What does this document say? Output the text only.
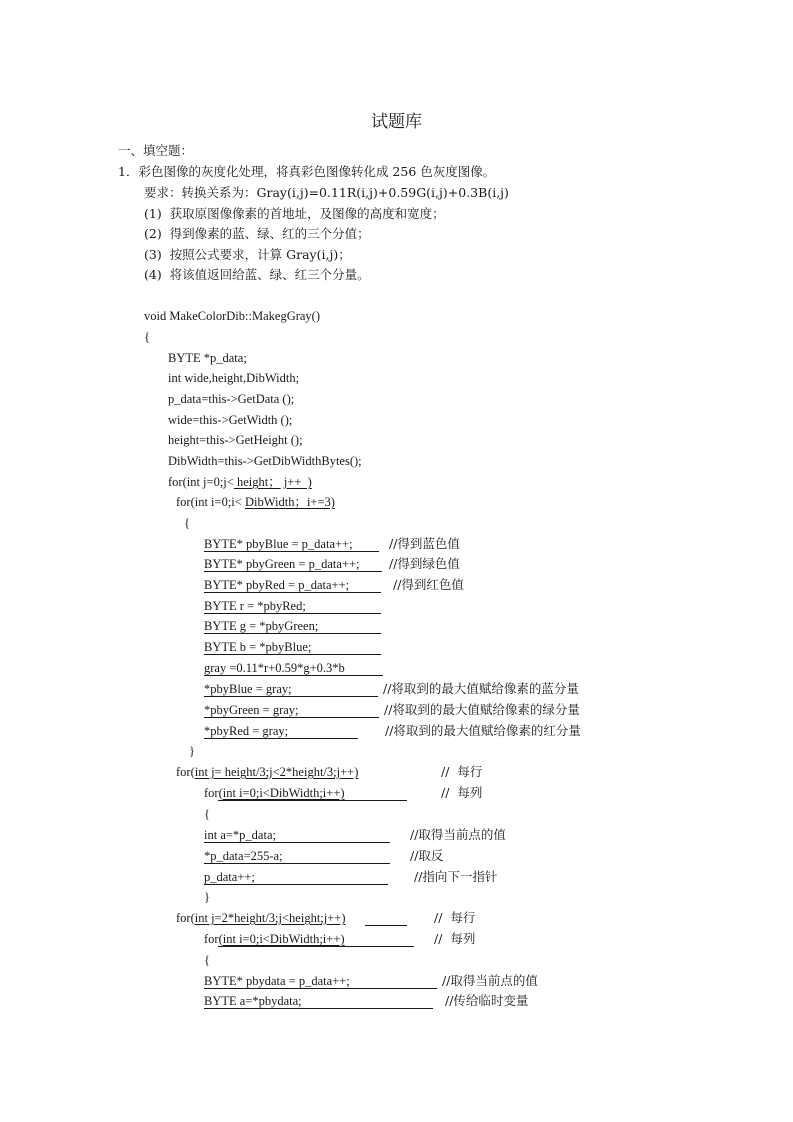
试题库
一、填空题：
1．彩色图像的灰度化处理，将真彩色图像转化成 256 色灰度图像。
要求：转换关系为：Gray(i,j)=0.11R(i,j)+0.59G(i,j)+0.3B(i,j)
(1)  获取原图像像素的首地址，及图像的高度和宽度；
(2)  得到像素的蓝、绿、红的三个分值；
(3)  按照公式要求，计算 Gray(i,j)；
(4)  将该值返回给蓝、绿、红三个分量。
void MakeColorDib::MakegGray()
{
BYTE *p_data;
int wide,height,DibWidth;
p_data=this->GetData ();
wide=this->GetWidth ();
height=this->GetHeight ();
DibWidth=this->GetDibWidthBytes();
for(int j=0;j< height； j++  )
for(int i=0;i< DibWidth；i+=3)
{
BYTE* pbyBlue = p_data++;	//得到蓝色值
BYTE* pbyGreen = p_data++; //得到绿色值
BYTE* pbyRed = p_data++;	//得到红色值
BYTE r = *pbyRed;
BYTE g = *pbyGreen;
BYTE b = *pbyBlue;
gray =0.11*r+0.59*g+0.3*b
*pbyBlue = gray;	//将取到的最大值赋给像素的蓝分量
*pbyGreen = gray;	//将取到的最大值赋给像素的绿分量
*pbyRed = gray;	//将取到的最大值赋给像素的红分量
}
for(int j= height/3;j<2*height/3;j++)	//  每行
for(int i=0;i<DibWidth;i++)	//  每列
{
int a=*p_data;	//取得当前点的值
*p_data=255-a;	//取反
p_data++;	//指向下一指针
}
for(int j=2*height/3;j<height;j++)	//  每行
for(int i=0;i<DibWidth;i++)	//  每列
{
BYTE* pbydata = p_data++;	//取得当前点的值
BYTE a=*pbydata;	//传给临时变量
